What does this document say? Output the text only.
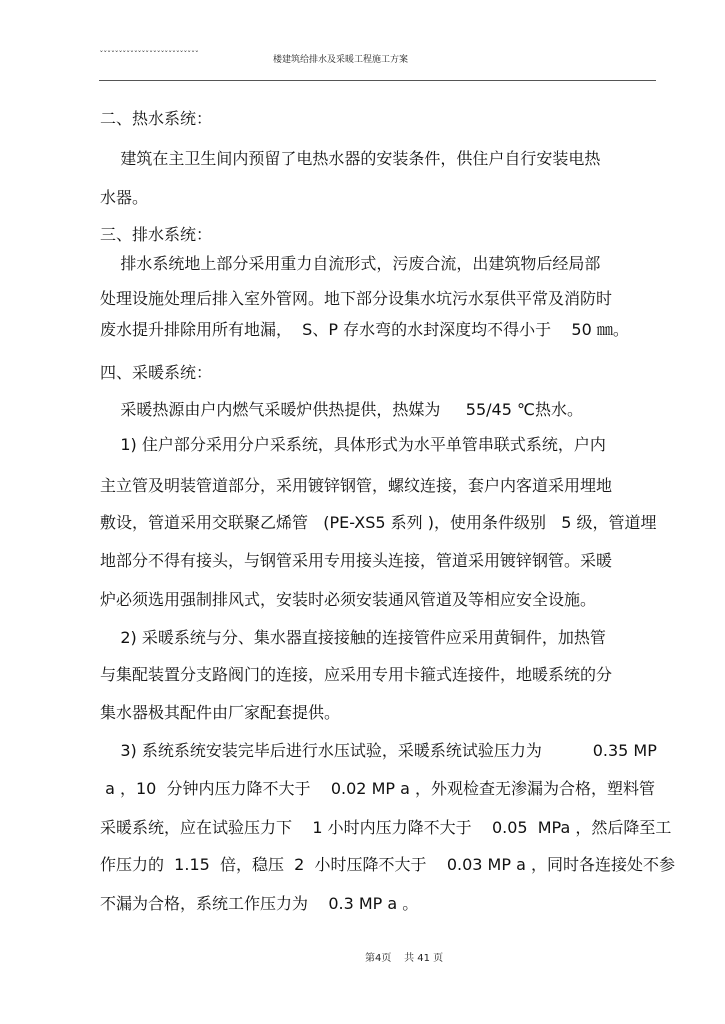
ˇˇˇˇˇˇˇˇˇˇˇˇˇˇˇˇˇˇˇˇˇˇˇˇˇˇ
楼建筑给排水及采暖工程施工方案
二、热水系统：
建筑在主卫生间内预留了电热水器的安装条件，供住户自行安装电热
水器。
三、排水系统：
排水系统地上部分采用重力自流形式，污废合流，出建筑物后经局部
处理设施处理后排入室外管网。地下部分设集水坑污水泵供平常及消防时
废水提升排除用所有地漏，  S、P 存水弯的水封深度均不得小于    50 ㎜。
四、采暖系统：
采暖热源由户内燃气采暖炉供热提供，热媒为     55/45 ℃热水。
1) 住户部分采用分户采系统，具体形式为水平单管串联式系统，户内
主立管及明装管道部分，采用镀锌钢管，螺纹连接，套户内客道采用埋地
敷设，管道采用交联聚乙烯管   (PE-XS5 系列 )，使用条件级别   5 级，管道埋
地部分不得有接头，与钢管采用专用接头连接，管道采用镀锌钢管。采暖
炉必须选用强制排风式，安装时必须安装通风管道及等相应安全设施。
2) 采暖系统与分、集水器直接接触的连接管件应采用黄铜件，加热管
与集配装置分支路阀门的连接，应采用专用卡箍式连接件，地暖系统的分
集水器极其配件由厂家配套提供。
3) 系统系统安装完毕后进行水压试验，采暖系统试验压力为          0.35 MP
a ，10  分钟内压力降不大于    0.02 MP a ，外观检查无渗漏为合格，塑料管
采暖系统，应在试验压力下    1 小时内压力降不大于    0.05  MPa ，然后降至工
作压力的  1.15  倍，稳压  2  小时压降不大于    0.03 MP a ，同时各连接处不参
不漏为合格，系统工作压力为    0.3 MP a 。
第4页    共 41 页
